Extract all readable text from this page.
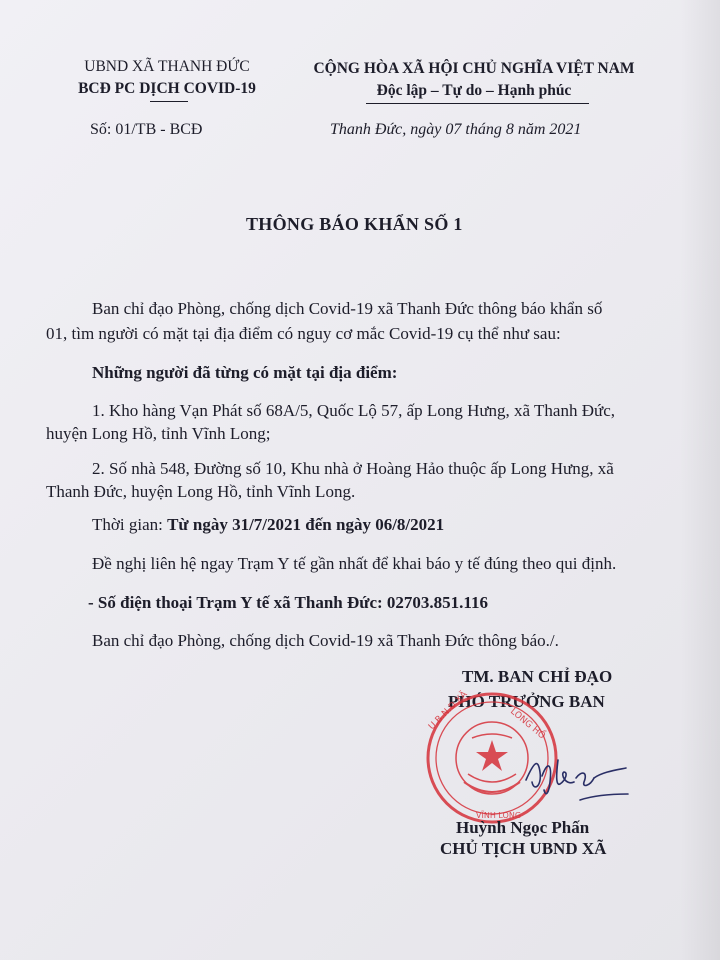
UBND XÃ THANH ĐỨC
BCĐ PC DỊCH COVID-19
Số: 01/TB - BCĐ
CỘNG HÒA XÃ HỘI CHỦ NGHĨA VIỆT NAM
Độc lập – Tự do – Hạnh phúc
Thanh Đức, ngày 07 tháng 8 năm 2021
THÔNG BÁO KHẨN SỐ 1
Ban chỉ đạo Phòng, chống dịch Covid-19 xã Thanh Đức thông báo khẩn số
01, tìm người có mặt tại địa điểm có nguy cơ mắc Covid-19 cụ thể như sau:
Những người đã từng có mặt tại địa điểm:
1. Kho hàng Vạn Phát số 68A/5, Quốc Lộ 57, ấp Long Hưng, xã Thanh Đức,
huyện Long Hồ, tỉnh Vĩnh Long;
2. Số nhà 548, Đường số 10, Khu nhà ở Hoàng Hảo thuộc ấp Long Hưng, xã
Thanh Đức, huyện Long Hồ, tỉnh Vĩnh Long.
Thời gian: Từ ngày 31/7/2021 đến ngày 06/8/2021
Đề nghị liên hệ ngay Trạm Y tế gần nhất để khai báo y tế đúng theo qui định.
- Số điện thoại Trạm Y tế xã Thanh Đức: 02703.851.116
Ban chỉ đạo Phòng, chống dịch Covid-19 xã Thanh Đức thông báo./.
TM. BAN CHỈ ĐẠO
PHÓ TRƯỞNG BAN
U.B.N.D XÃ	LONG HỒ
VĨNH LONG
Huỳnh Ngọc Phấn
CHỦ TỊCH UBND XÃ
